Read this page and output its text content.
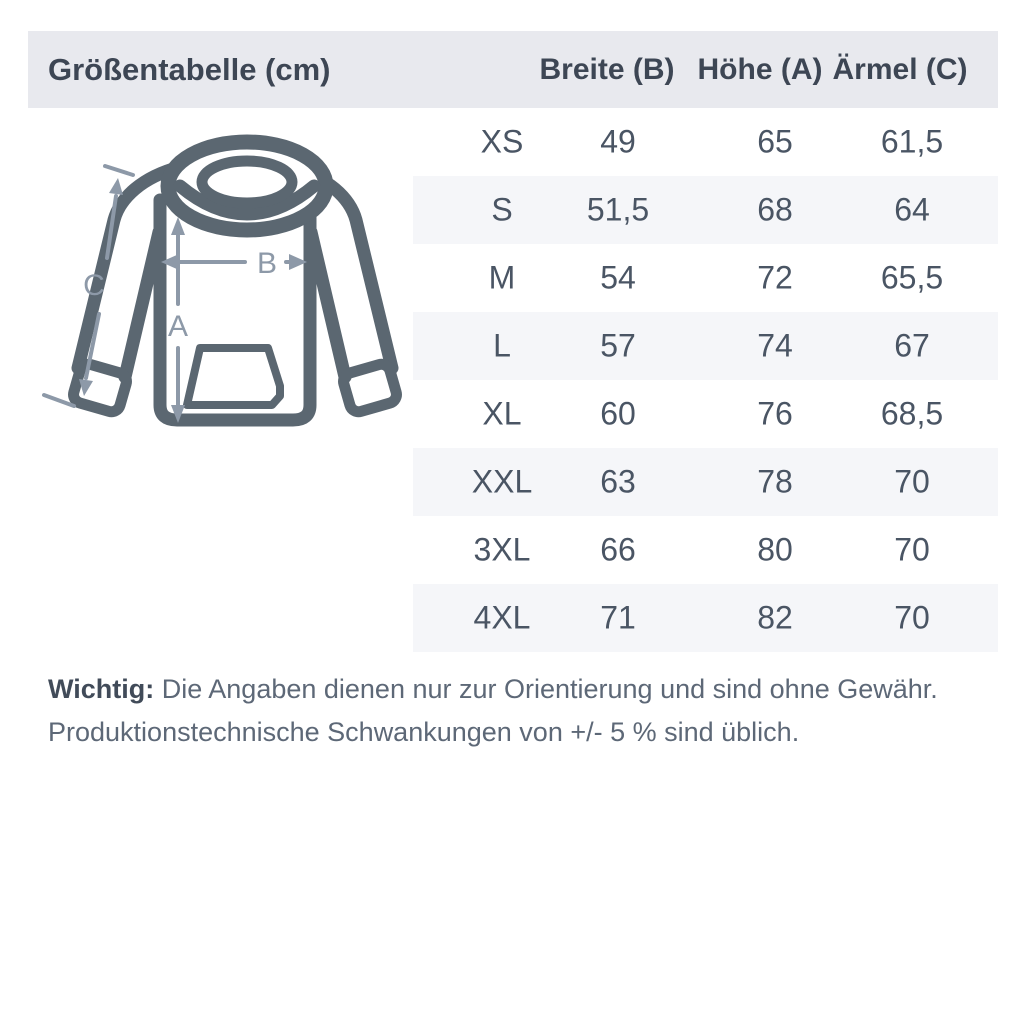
Größentabelle (cm)	Breite (B) Höhe (A) Ärmel (C)
XS 49	65	61,5
S 51,5	68	64
M	54	72	65,5
L	57	74	67
XL 60	76	68,5
XXL 63	78	70
3XL 66	80	70
4XL 71	82	70
A
B
C
Wichtig: Die Angaben dienen nur zur Orientierung und sind ohne Gewähr.
Produktionstechnische Schwankungen von +/- 5 % sind üblich.
